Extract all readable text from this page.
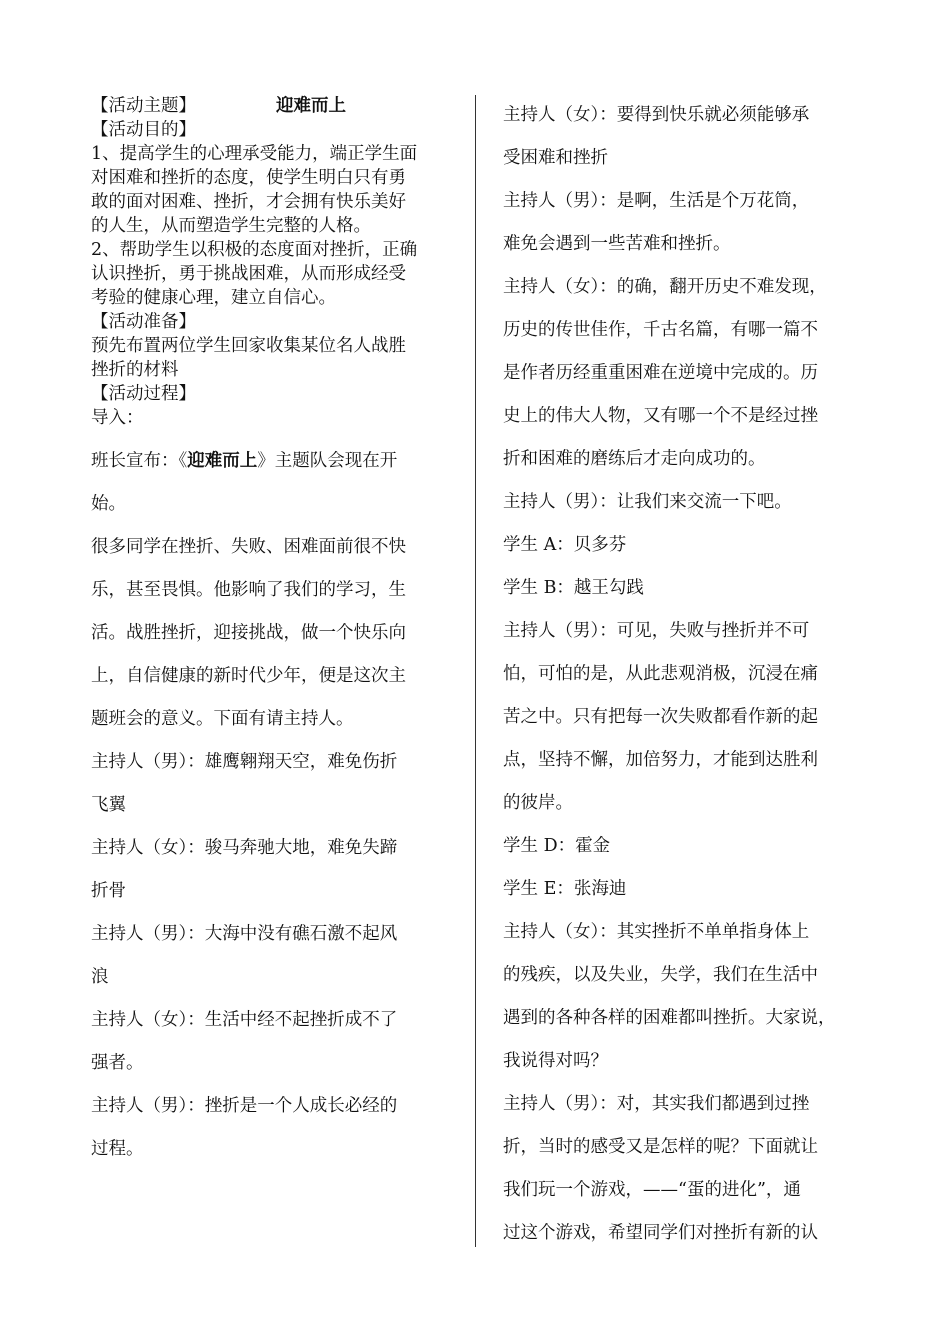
【活动主题】	迎难而上

【活动目的】

1、提高学生的心理承受能力，端正学生面

对困难和挫折的态度，使学生明白只有勇

敢的面对困难、挫折，才会拥有快乐美好

的人生，从而塑造学生完整的人格。

2、帮助学生以积极的态度面对挫折，正确

认识挫折，勇于挑战困难，从而形成经受

考验的健康心理，建立自信心。

【活动准备】

预先布置两位学生回家收集某位名人战胜

挫折的材料

【活动过程】

导入：

班长宣布：《迎难而上》主题队会现在开

始。

很多同学在挫折、失败、困难面前很不快

乐，甚至畏惧。他影响了我们的学习，生

活。战胜挫折，迎接挑战，做一个快乐向

上，自信健康的新时代少年，便是这次主

题班会的意义。下面有请主持人。

主持人（男）：雄鹰翱翔天空，难免伤折

飞翼

主持人（女）：骏马奔驰大地，难免失蹄

折骨

主持人（男）：大海中没有礁石激不起风

浪

主持人（女）：生活中经不起挫折成不了

强者。

主持人（男）：挫折是一个人成长必经的

过程。

主持人（女）：要得到快乐就必须能够承

受困难和挫折

主持人（男）：是啊，生活是个万花筒，

难免会遇到一些苦难和挫折。

主持人（女）：的确，翻开历史不难发现，

历史的传世佳作，千古名篇，有哪一篇不

是作者历经重重困难在逆境中完成的。历

史上的伟大人物，又有哪一个不是经过挫

折和困难的磨练后才走向成功的。

主持人（男）：让我们来交流一下吧。

学生 A：贝多芬

学生 B：越王勾践

主持人（男）：可见，失败与挫折并不可

怕，可怕的是，从此悲观消极，沉浸在痛

苦之中。只有把每一次失败都看作新的起

点，坚持不懈，加倍努力，才能到达胜利

的彼岸。

学生 D：霍金

学生 E：张海迪

主持人（女）：其实挫折不单单指身体上

的残疾，以及失业，失学，我们在生活中

遇到的各种各样的困难都叫挫折。大家说，

我说得对吗？

主持人（男）：对，其实我们都遇到过挫

折，当时的感受又是怎样的呢？下面就让

我们玩一个游戏，——“蛋的进化”，通

过这个游戏，希望同学们对挫折有新的认
